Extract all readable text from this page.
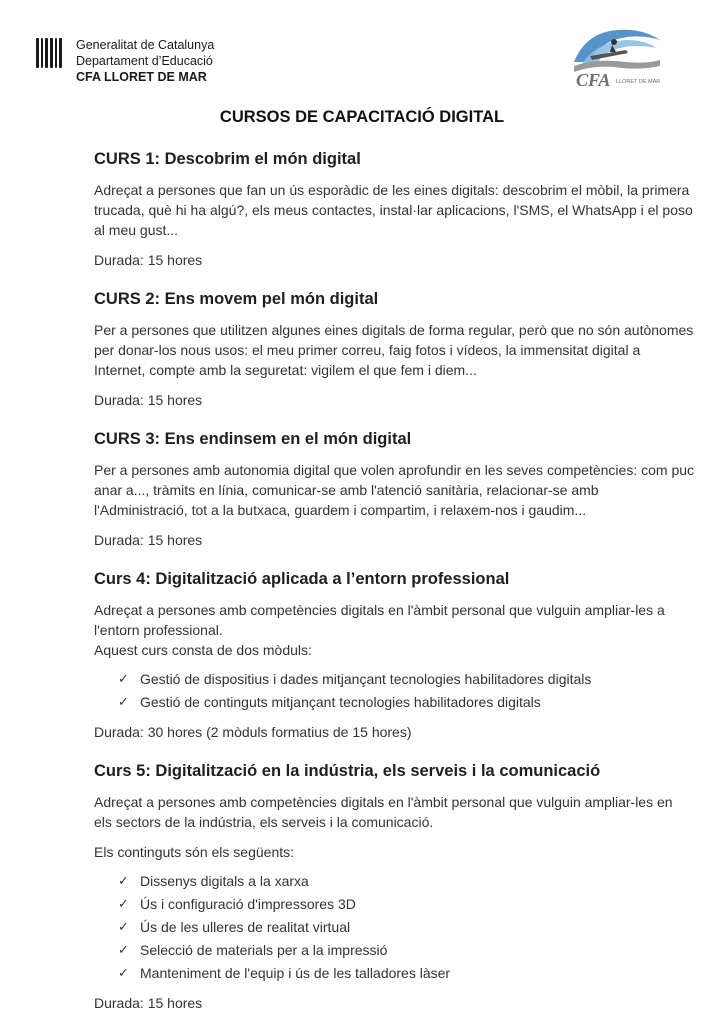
Generalitat de Catalunya
Departament d’Educació
CFA LLORET DE MAR	CFA LLORET DE MAR
CURSOS DE CAPACITACIÓ DIGITAL
CURS 1: Descobrim el món digital

Adreçat a persones que fan un ús esporàdic de les eines digitals: descobrim el mòbil, la primera trucada, què hi ha algú?, els meus contactes, instal·lar aplicacions, l'SMS, el WhatsApp i el poso al meu gust...

Durada: 15 hores

CURS 2: Ens movem pel món digital

Per a persones que utilitzen algunes eines digitals de forma regular, però que no són autònomes per donar-los nous usos: el meu primer correu, faig fotos i vídeos, la immensitat digital a Internet, compte amb la seguretat: vigilem el que fem i diem...

Durada: 15 hores

CURS 3: Ens endinsem en el món digital

Per a persones amb autonomia digital que volen aprofundir en les seves competències: com puc anar a..., tràmits en línia, comunicar-se amb l'atenció sanitària, relacionar-se amb l'Administració, tot a la butxaca, guardem i compartim, i relaxem-nos i gaudim...

Durada: 15 hores

Curs 4: Digitalització aplicada a l’entorn professional

Adreçat a persones amb competències digitals en l'àmbit personal que vulguin ampliar-les a l'entorn professional.

Aquest curs consta de dos mòduls:

✓ Gestió de dispositius i dades mitjançant tecnologies habilitadores digitals
✓ Gestió de continguts mitjançant tecnologies habilitadores digitals

Durada: 30 hores (2 mòduls formatius de 15 hores)

Curs 5: Digitalització en la indústria, els serveis i la comunicació

Adreçat a persones amb competències digitals en l'àmbit personal que vulguin ampliar-les en els sectors de la indústria, els serveis i la comunicació.

Els continguts són els següents:

✓ Dissenys digitals a la xarxa
✓ Ús i configuració d'impressores 3D
✓ Ús de les ulleres de realitat virtual
✓ Selecció de materials per a la impressió
✓ Manteniment de l'equip i ús de les talladores làser

Durada: 15 hores
